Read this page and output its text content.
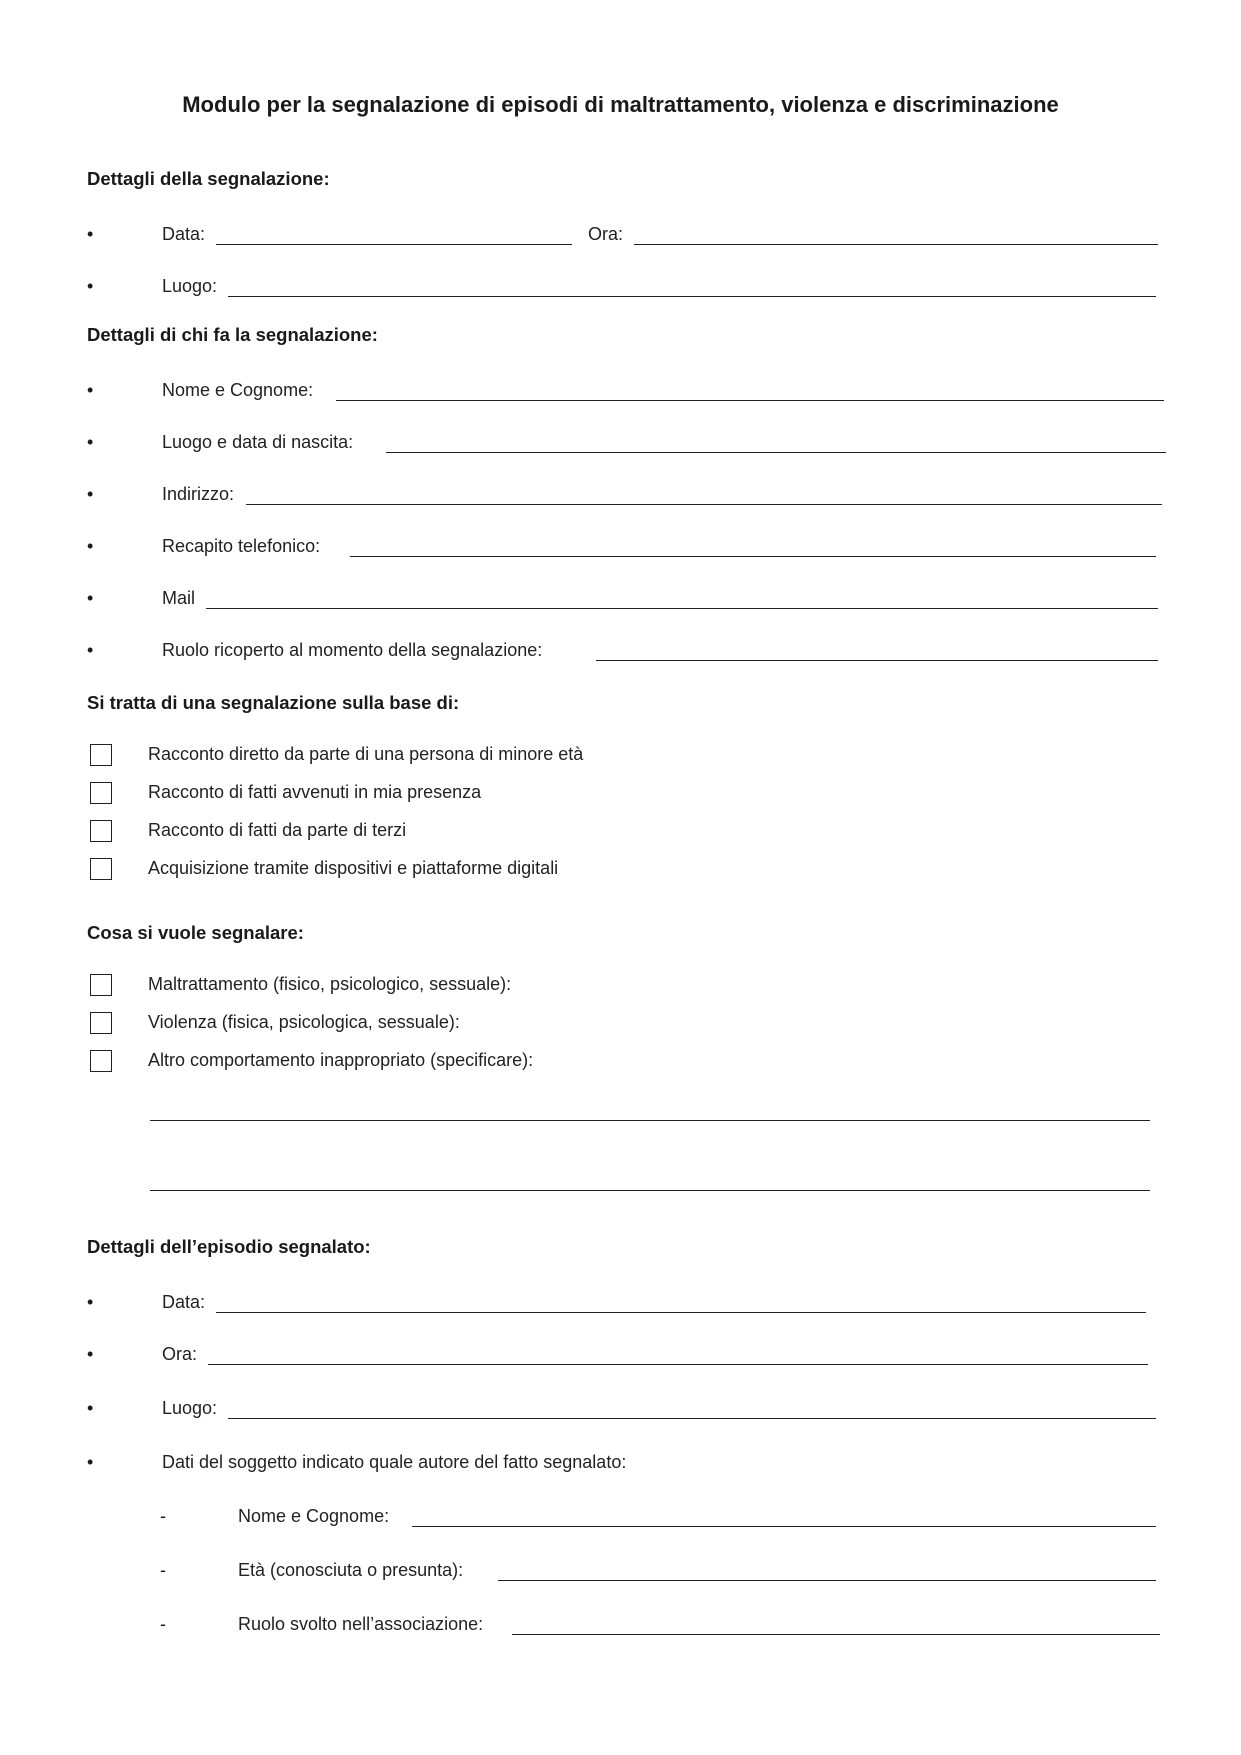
Modulo per la segnalazione di episodi di maltrattamento, violenza e discriminazione
Dettagli della segnalazione:
•	Data:	Ora:
•	Luogo:
Dettagli di chi fa la segnalazione:
•	Nome e Cognome:
•	Luogo e data di nascita:
•	Indirizzo:
•	Recapito telefonico:
•	Mail
•	Ruolo ricoperto al momento della segnalazione:
Si tratta di una segnalazione sulla base di:
Racconto diretto da parte di una persona di minore età
Racconto di fatti avvenuti in mia presenza
Racconto di fatti da parte di terzi
Acquisizione tramite dispositivi e piattaforme digitali
Cosa si vuole segnalare:
Maltrattamento (fisico, psicologico, sessuale):
Violenza (fisica, psicologica, sessuale):
Altro comportamento inappropriato (specificare):
Dettagli dell’episodio segnalato:
•	Data:
•	Ora:
•	Luogo:
•	Dati del soggetto indicato quale autore del fatto segnalato:
-	Nome e Cognome:
-	Età (conosciuta o presunta):
-	Ruolo svolto nell’associazione:
